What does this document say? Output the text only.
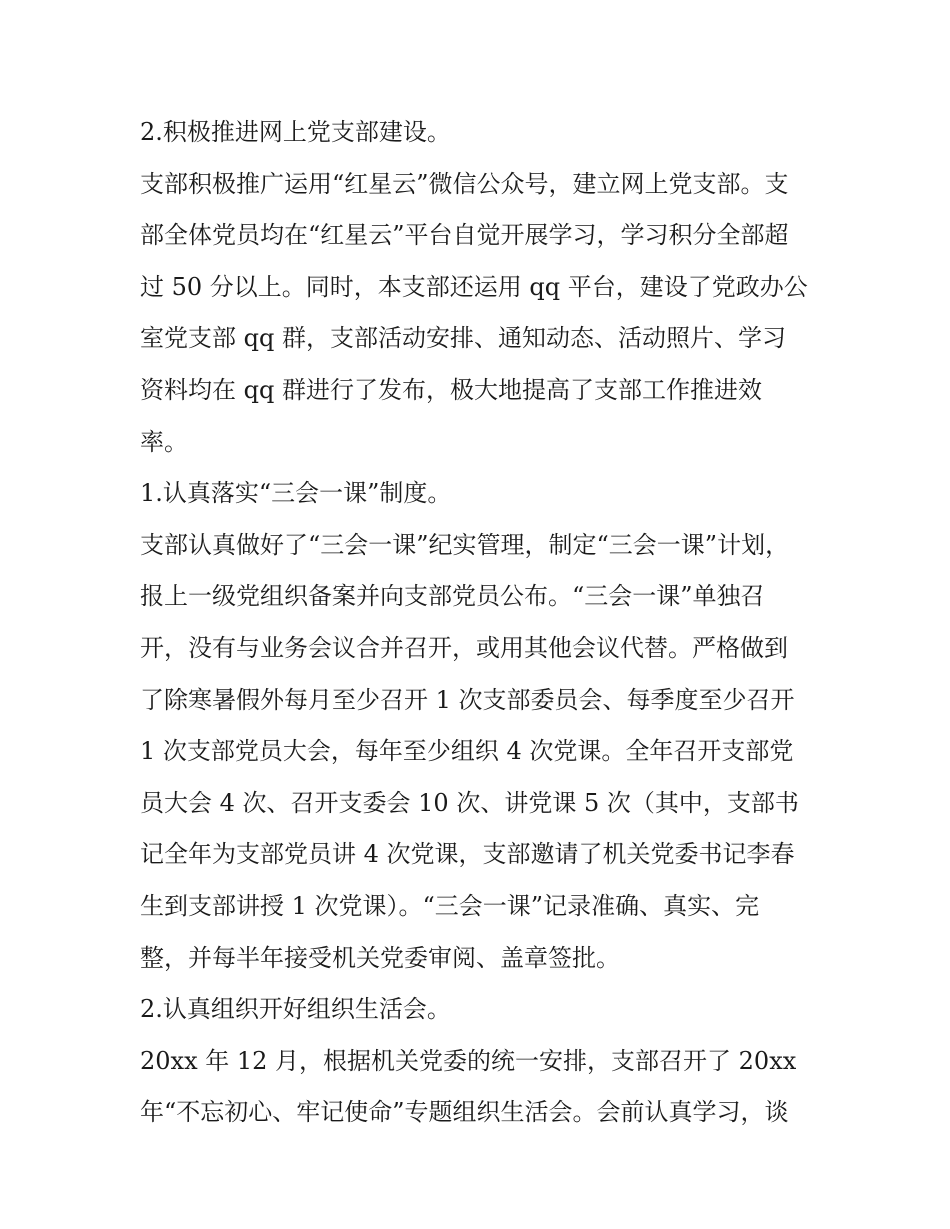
2.积极推进网上党支部建设。
支部积极推广运用“红星云”微信公众号，建立网上党支部。支
部全体党员均在“红星云”平台自觉开展学习，学习积分全部超
过 50 分以上。同时，本支部还运用 qq 平台，建设了党政办公
室党支部 qq 群，支部活动安排、通知动态、活动照片、学习
资料均在 qq 群进行了发布，极大地提高了支部工作推进效
率。
1.认真落实“三会一课”制度。
支部认真做好了“三会一课”纪实管理，制定“三会一课”计划，
报上一级党组织备案并向支部党员公布。“三会一课”单独召
开，没有与业务会议合并召开，或用其他会议代替。严格做到
了除寒暑假外每月至少召开 1 次支部委员会、每季度至少召开
1 次支部党员大会，每年至少组织 4 次党课。全年召开支部党
员大会 4 次、召开支委会 10 次、讲党课 5 次（其中，支部书
记全年为支部党员讲 4 次党课，支部邀请了机关党委书记李春
生到支部讲授 1 次党课）。“三会一课”记录准确、真实、完
整，并每半年接受机关党委审阅、盖章签批。
2.认真组织开好组织生活会。
20xx 年 12 月，根据机关党委的统一安排，支部召开了 20xx
年“不忘初心、牢记使命”专题组织生活会。会前认真学习，谈
